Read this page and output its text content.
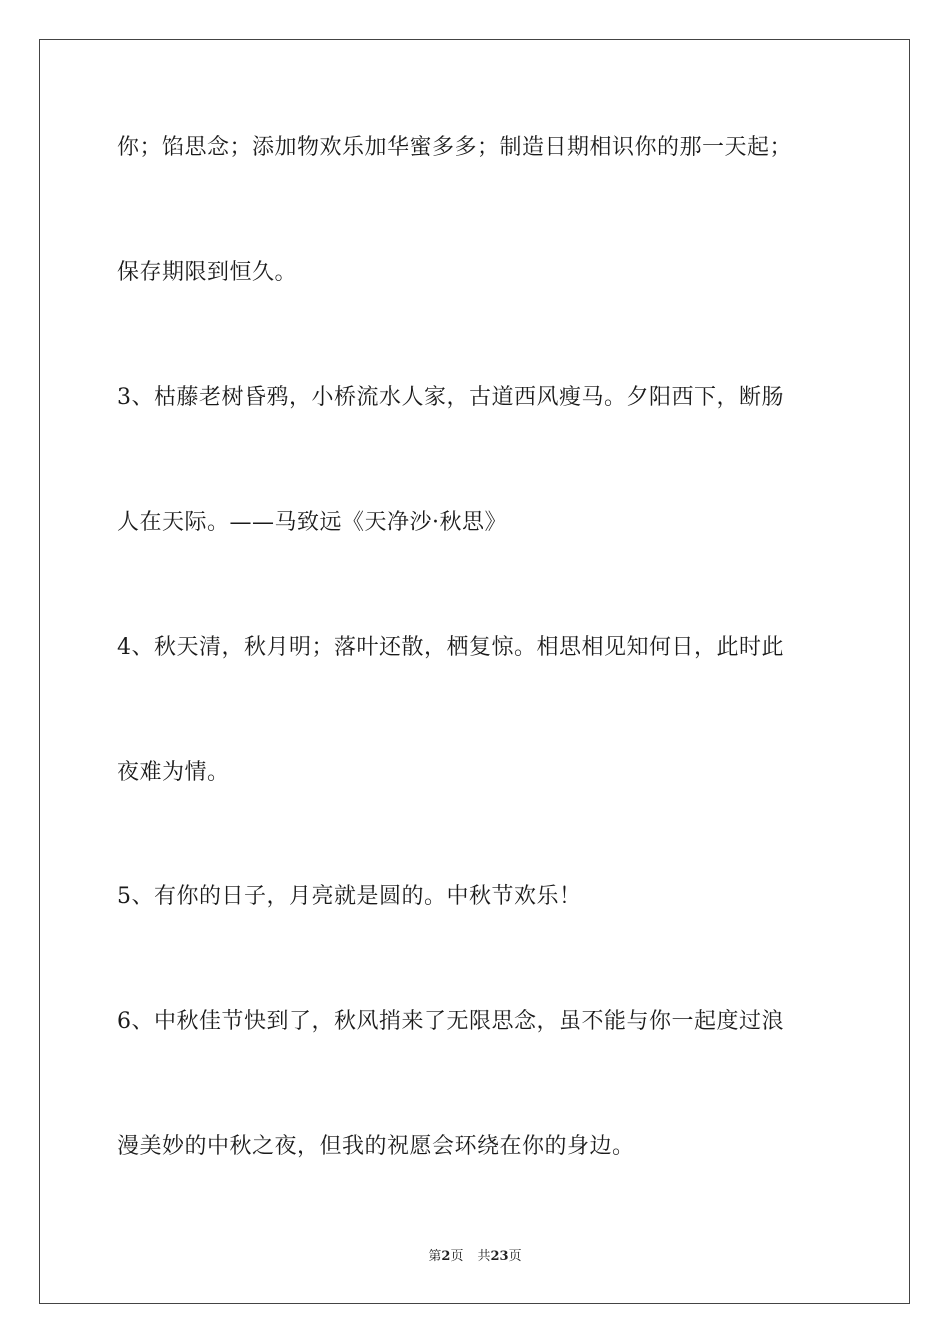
你；馅思念；添加物欢乐加华蜜多多；制造日期相识你的那一天起；
保存期限到恒久。
3、枯藤老树昏鸦，小桥流水人家，古道西风瘦马。夕阳西下，断肠
人在天际。——马致远《天净沙·秋思》
4、秋天清，秋月明；落叶还散，栖复惊。相思相见知何日，此时此
夜难为情。
5、有你的日子，月亮就是圆的。中秋节欢乐！
6、中秋佳节快到了，秋风捎来了无限思念，虽不能与你一起度过浪
漫美妙的中秋之夜，但我的祝愿会环绕在你的身边。
第2页 共23页
